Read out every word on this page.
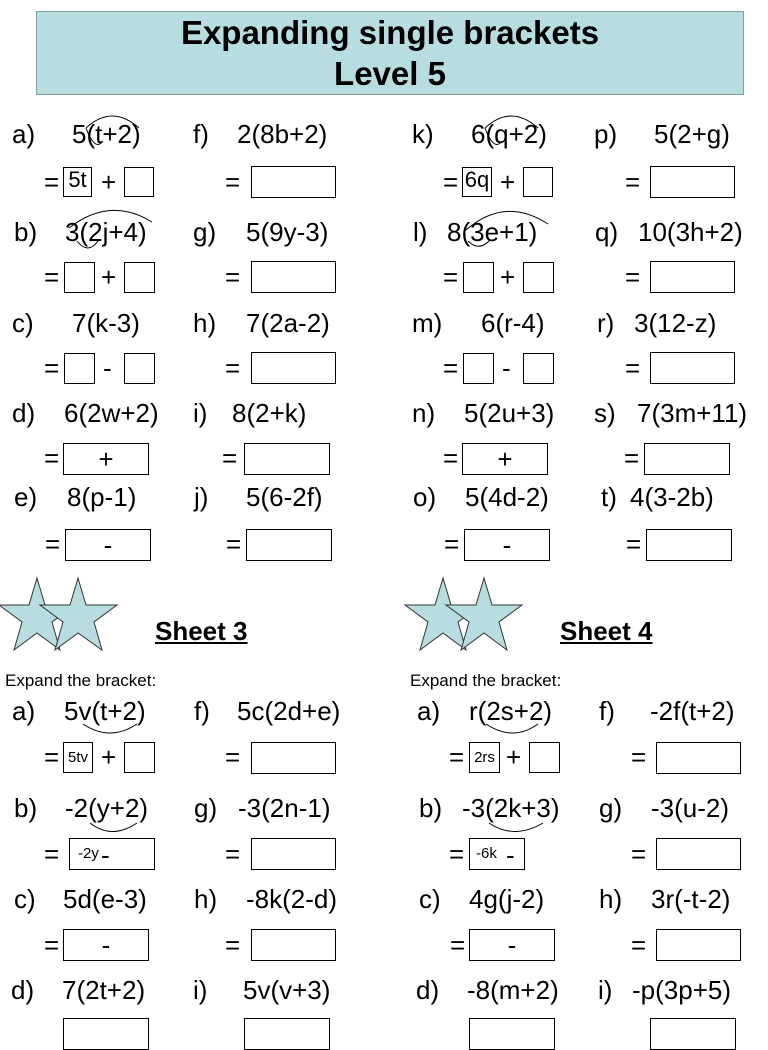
Expanding single brackets
Level 5
a) 5(t+2)
= 5t +
f) 2(8b+2)
=
b) 3(2j+4)
= +
g) 5(9y-3)
=
c) 7(k-3)
= -
h) 7(2a-2)
=
d) 6(2w+2)
=	+
i) 8(2+k)
=
e) 8(p-1)
=	-
j) 5(6-2f)
=
k) 6(q+2)
= 6q +
p) 5(2+g)
=
l) 8(3e+1)
= +
q) 10(3h+2)
=
m) 6(r-4)
= -
r) 3(12-z)
=
n) 5(2u+3)
=	+
s) 7(3m+11)
=
o) 5(4d-2)
=	-
t) 4(3-2b)
=
Sheet 3
Expand the bracket:
a) 5v(t+2)
= 5tv +
f) 5c(2d+e)
=
b) -2(y+2)
=	-2y -
g) -3(2n-1)
=
c) 5d(e-3)
=	-
h) -8k(2-d)
=
d) 7(2t+2) i) 5v(v+3)
Sheet 4
Expand the bracket:
a) r(2s+2)
= 2rs +
f) -2f(t+2)
=
b) -3(2k+3)
= -6k -
g) -3(u-2)
=
c) 4g(j-2)
=	-
h) 3r(-t-2)
=
d) -8(m+2) i) -p(3p+5)
